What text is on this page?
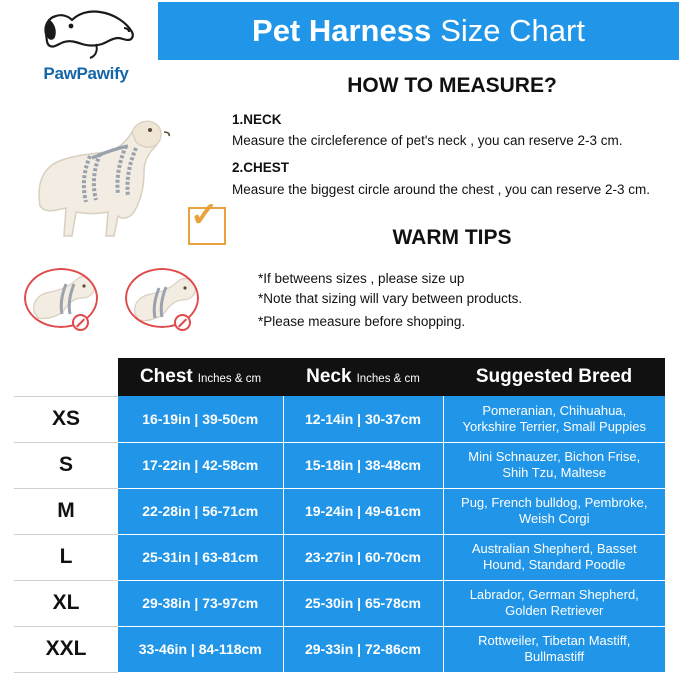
Pet Harness Size Chart
PawPawify
✓
HOW TO MEASURE?
1.NECK
Measure the circleference of pet's neck , you can reserve 2-3 cm.
2.CHEST
Measure the biggest circle around the chest , you can reserve 2-3 cm.
WARM TIPS
*If betweens sizes , please size up
*Note that sizing will vary between products.
*Please measure before shopping.
	Chest Inches & cm	Neck Inches & cm	Suggested Breed
XS	16-19in | 39-50cm	12-14in | 30-37cm	Pomeranian, Chihuahua,
Yorkshire Terrier, Small Puppies

S	17-22in | 42-58cm	15-18in | 38-48cm	Mini Schnauzer, Bichon Frise,
Shih Tzu, Maltese

M	22-28in | 56-71cm	19-24in | 49-61cm	Pug, French bulldog, Pembroke,
Weish Corgi

L	25-31in | 63-81cm	23-27in | 60-70cm	Australian Shepherd, Basset
Hound, Standard Poodle

XL	29-38in | 73-97cm	25-30in | 65-78cm	Labrador, German Shepherd,
Golden Retriever

XXL	33-46in | 84-118cm	29-33in | 72-86cm	Rottweiler, Tibetan Mastiff,
Bullmastiff
